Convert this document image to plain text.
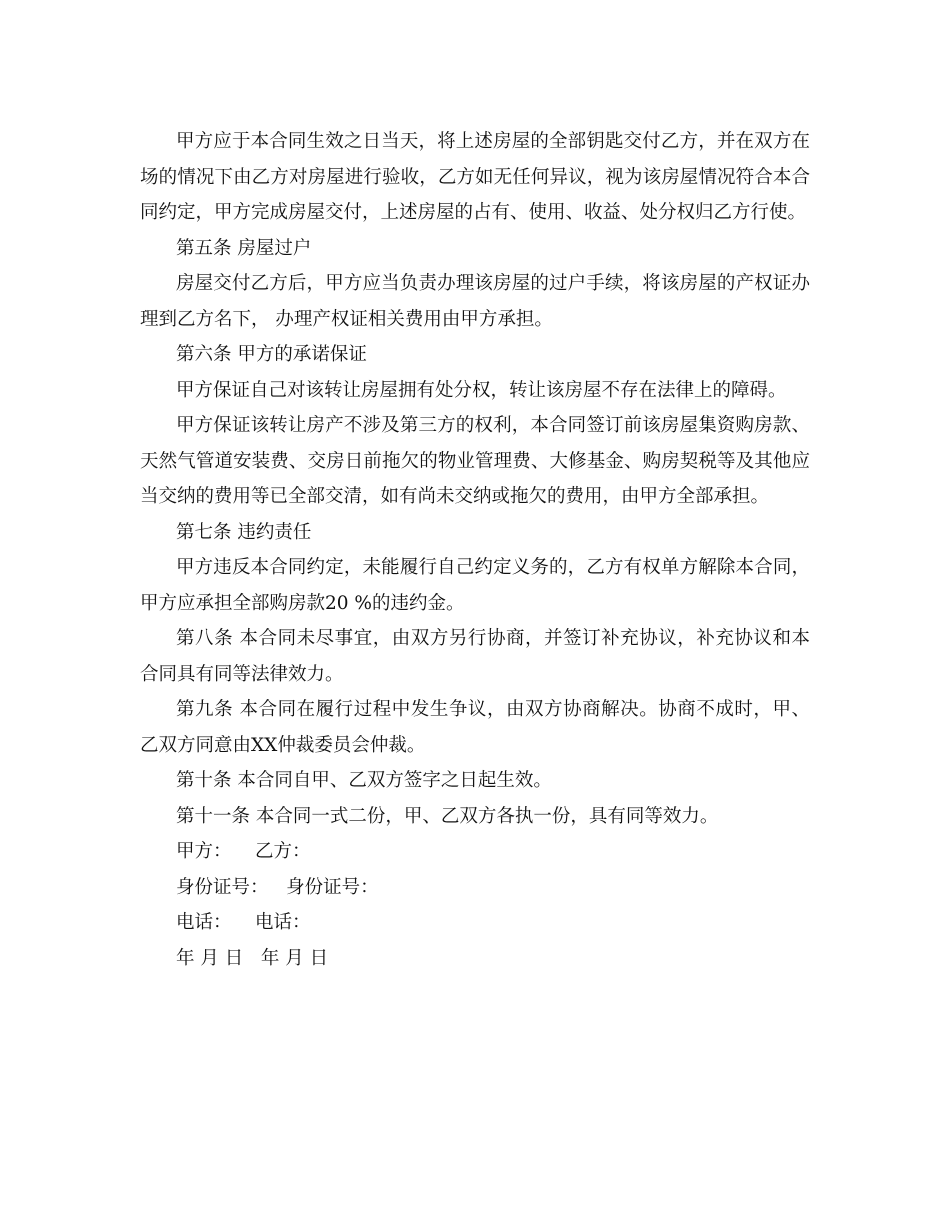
甲方应于本合同生效之日当天，将上述房屋的全部钥匙交付乙方，并在双方在场的情况下由乙方对房屋进行验收，乙方如无任何异议，视为该房屋情况符合本合同约定，甲方完成房屋交付，上述房屋的占有、使用、收益、处分权归乙方行使。

第五条 房屋过户

房屋交付乙方后，甲方应当负责办理该房屋的过户手续，将该房屋的产权证办理到乙方名下， 办理产权证相关费用由甲方承担。

第六条 甲方的承诺保证

甲方保证自己对该转让房屋拥有处分权，转让该房屋不存在法律上的障碍。

甲方保证该转让房产不涉及第三方的权利，本合同签订前该房屋集资购房款、天然气管道安装费、交房日前拖欠的物业管理费、大修基金、购房契税等及其他应当交纳的费用等已全部交清，如有尚未交纳或拖欠的费用，由甲方全部承担。

第七条 违约责任

甲方违反本合同约定，未能履行自己约定义务的，乙方有权单方解除本合同，甲方应承担全部购房款20 %的违约金。

第八条 本合同未尽事宜，由双方另行协商，并签订补充协议，补充协议和本合同具有同等法律效力。

第九条 本合同在履行过程中发生争议，由双方协商解决。协商不成时，甲、乙双方同意由XX仲裁委员会仲裁。

第十条 本合同自甲、乙双方签字之日起生效。

第十一条 本合同一式二份，甲、乙双方各执一份，具有同等效力。

甲方：    乙方：

身份证号：   身份证号：

电话：    电话：

年 月 日   年 月 日
